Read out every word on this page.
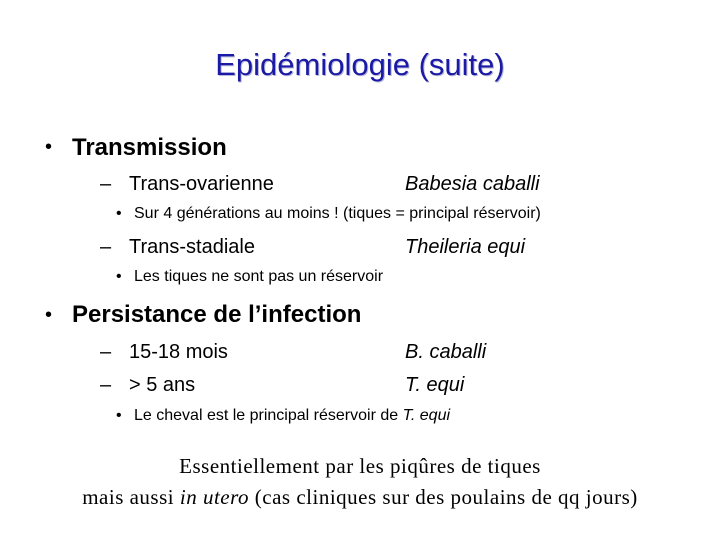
Epidémiologie (suite)
• Transmission
– Trans-ovarienne	Babesia caballi
• Sur 4 générations au moins ! (tiques = principal réservoir)
– Trans-stadiale	Theileria equi
• Les tiques ne sont pas un réservoir
• Persistance de l’infection
– 15-18 mois	B. caballi
– > 5 ans	T. equi
• Le cheval est le principal réservoir de T. equi
Essentiellement par les piqûres de tiques
mais aussi in utero (cas cliniques sur des poulains de qq jours)
